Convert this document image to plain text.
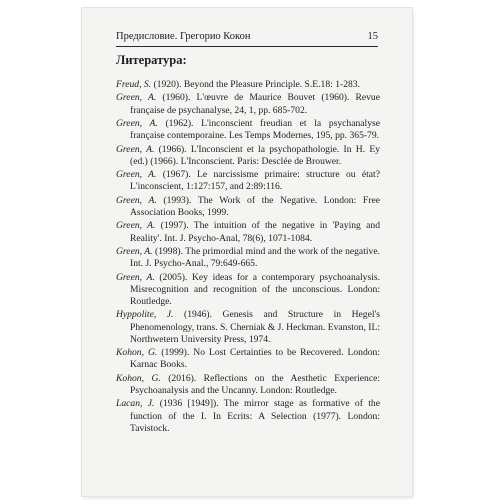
Предисловие. Грегорио Кокон	15
Литература:
Freud, S. (1920). Beyond the Pleasure Principle. S.E.18: 1-283.
Green, A. (1960). L'œuvre de Maurice Bouvet (1960). Revue française de psychanalyse, 24, 1, pp. 685-702.
Green, A. (1962). L'inconscient freudian et la psychanalyse française contemporaine. Les Temps Modernes, 195, pp. 365-79.
Green, A. (1966). L'Inconscient et la psychopathologie. In H. Ey (ed.) (1966). L'Inconscient. Paris: Desclée de Brouwer.
Green, A. (1967). Le narcissisme primaire: structure ou état? L'inconscient, 1:127:157, and 2:89:116.
Green, A. (1993). The Work of the Negative. London: Free Association Books, 1999.
Green, A. (1997). The intuition of the negative in 'Paying and Reality'. Int. J. Psycho-Anal, 78(6), 1071-1084.
Green, A. (1998). The primordial mind and the work of the negative. Int. J. Psycho-Anal., 79:649-665.
Green, A. (2005). Key ideas for a contemporary psychoanalysis. Misrecognition and recognition of the unconscious. London: Routledge.
Hyppolite, J. (1946). Genesis and Structure in Hegel's Phenomenology, trans. S. Cherniak & J. Heckman. Evanston, IL: Northwetern University Press, 1974.
Kohon, G. (1999). No Lost Certainties to be Recovered. London: Karnac Books.
Kohon, G. (2016). Reflections on the Aesthetic Experience: Psychoanalysis and the Uncanny. London: Routledge.
Lacan, J. (1936 [1949]). The mirror stage as formative of the function of the I. In Ecrits: A Selection (1977). London: Tavistock.
